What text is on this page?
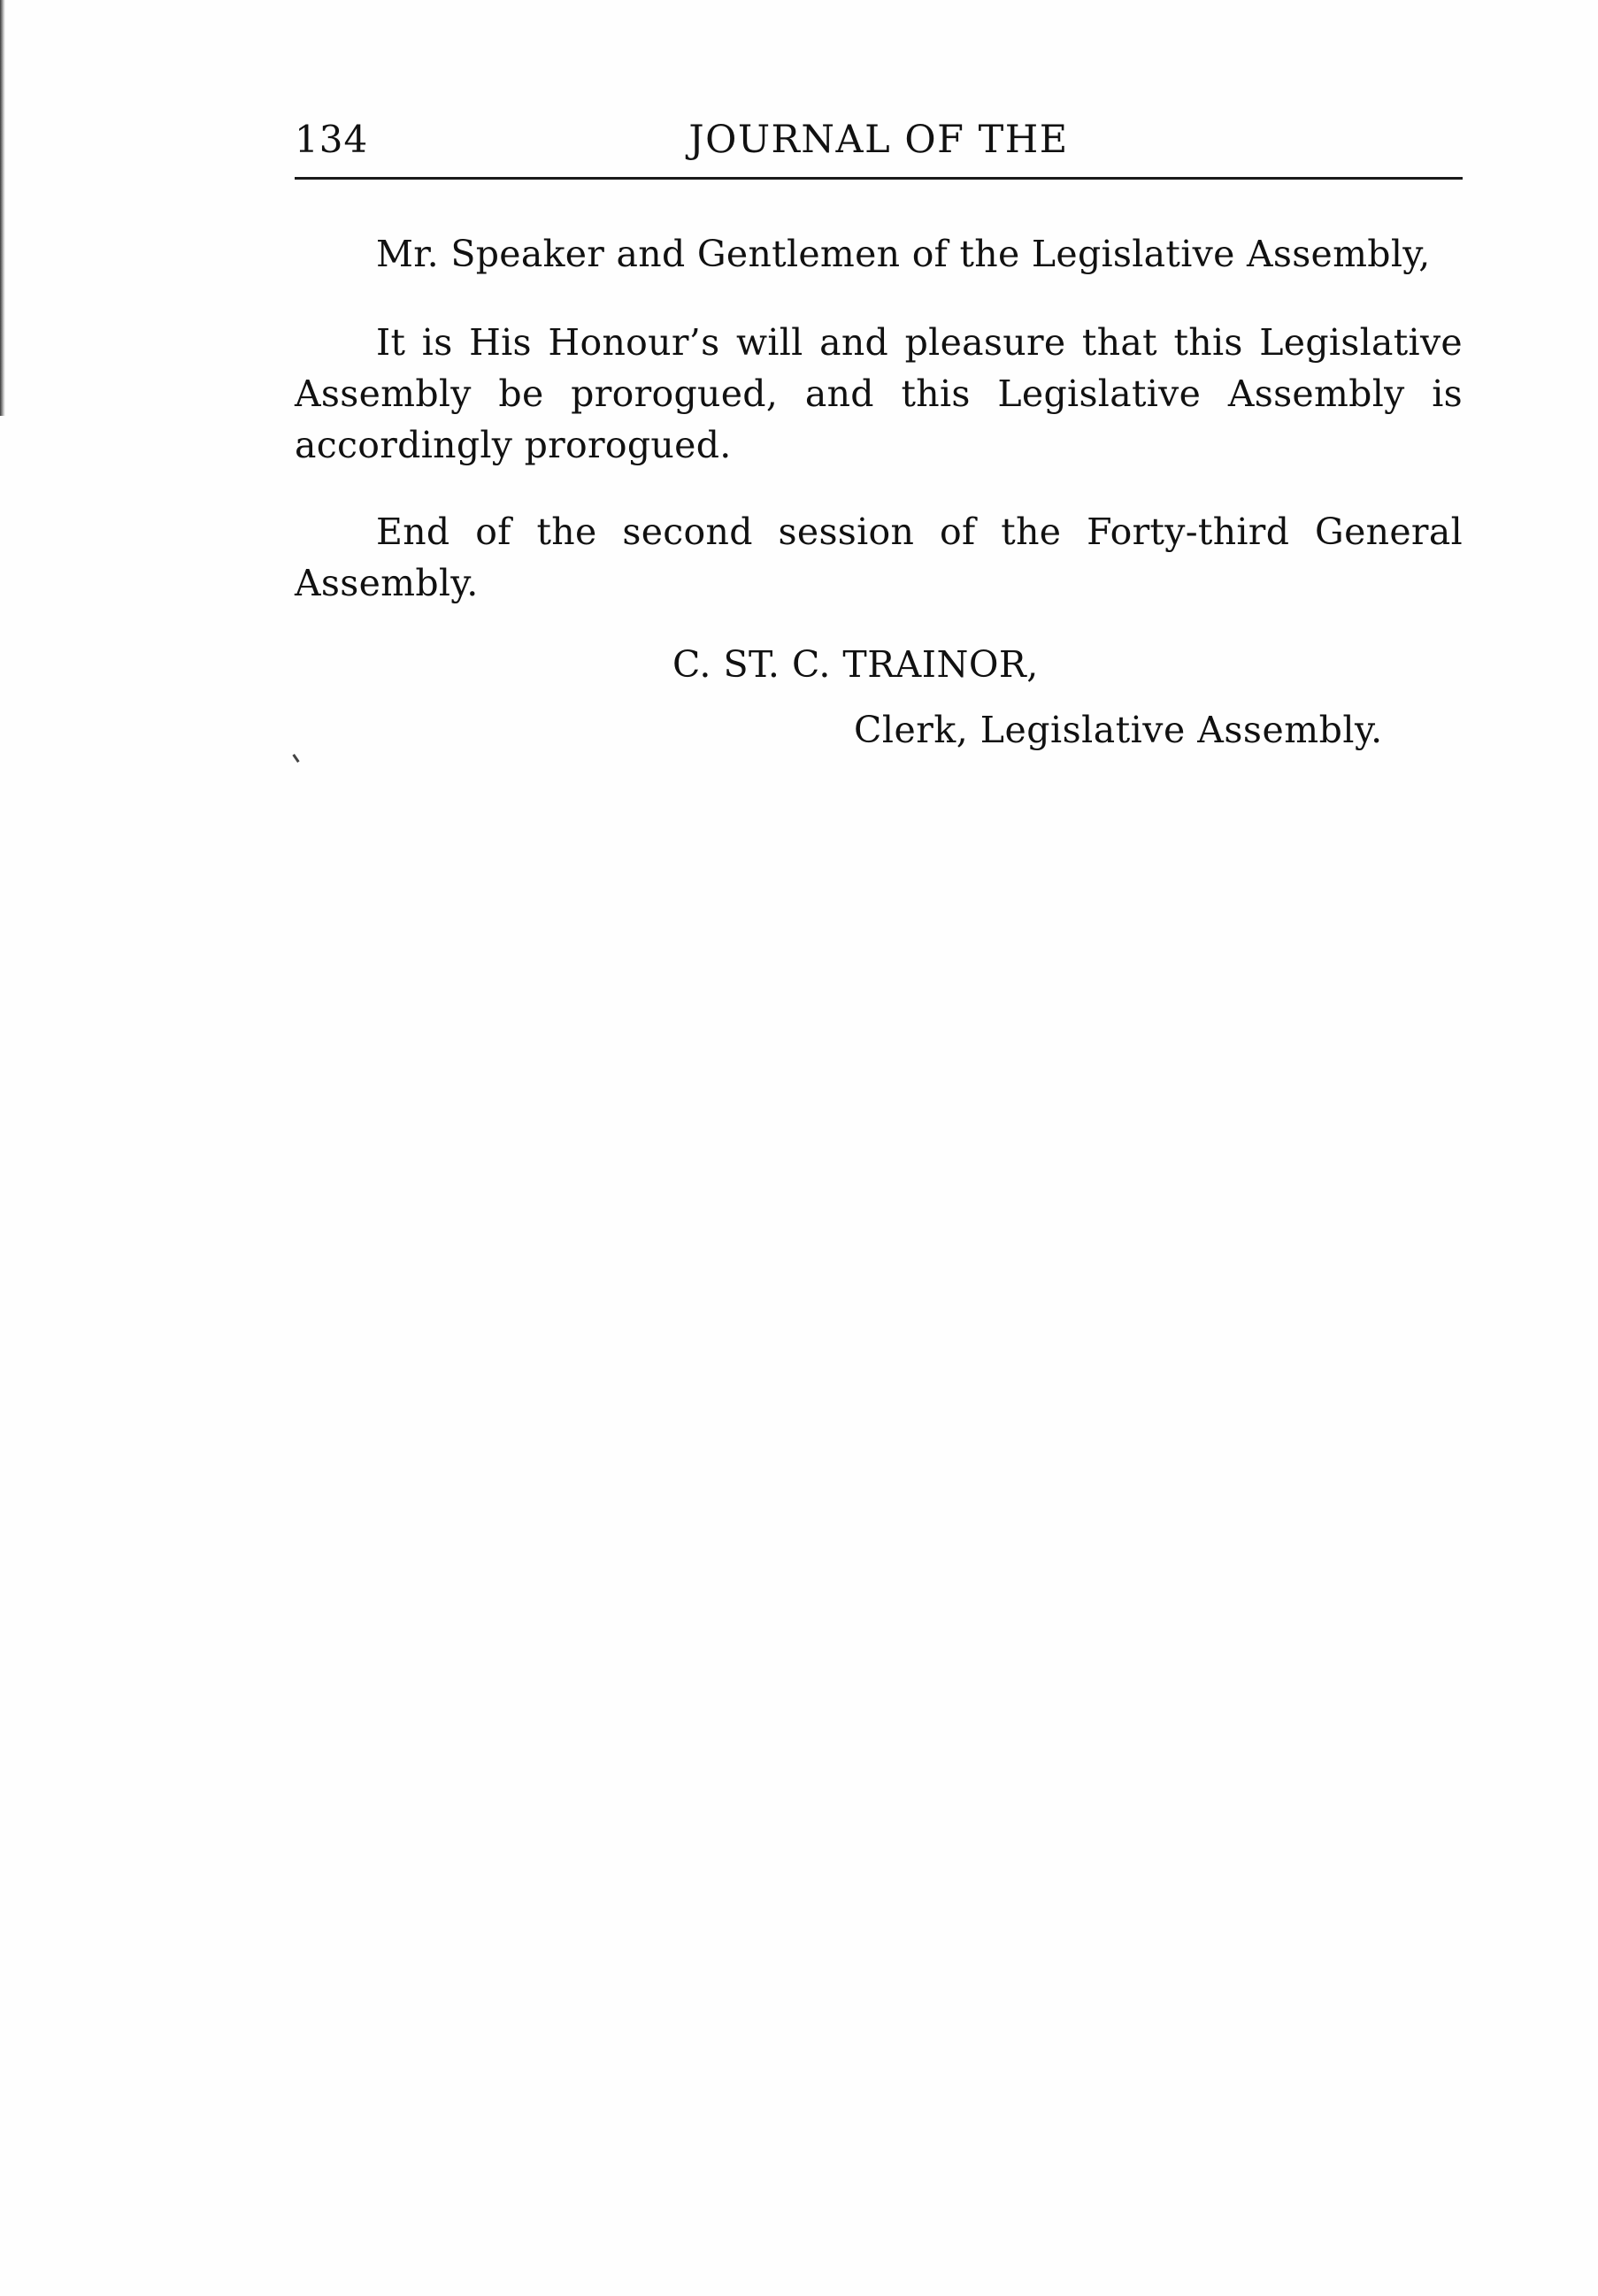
134	JOURNAL OF THE

Mr. Speaker and Gentlemen of the Legislative Assembly,

It is His Honour’s will and pleasure that this Legislative Assembly be prorogued, and this Legislative Assembly is accordingly prorogued.

End of the second session of the Forty-third General Assembly.

C. ST. C. TRAINOR,
Clerk, Legislative Assembly.
